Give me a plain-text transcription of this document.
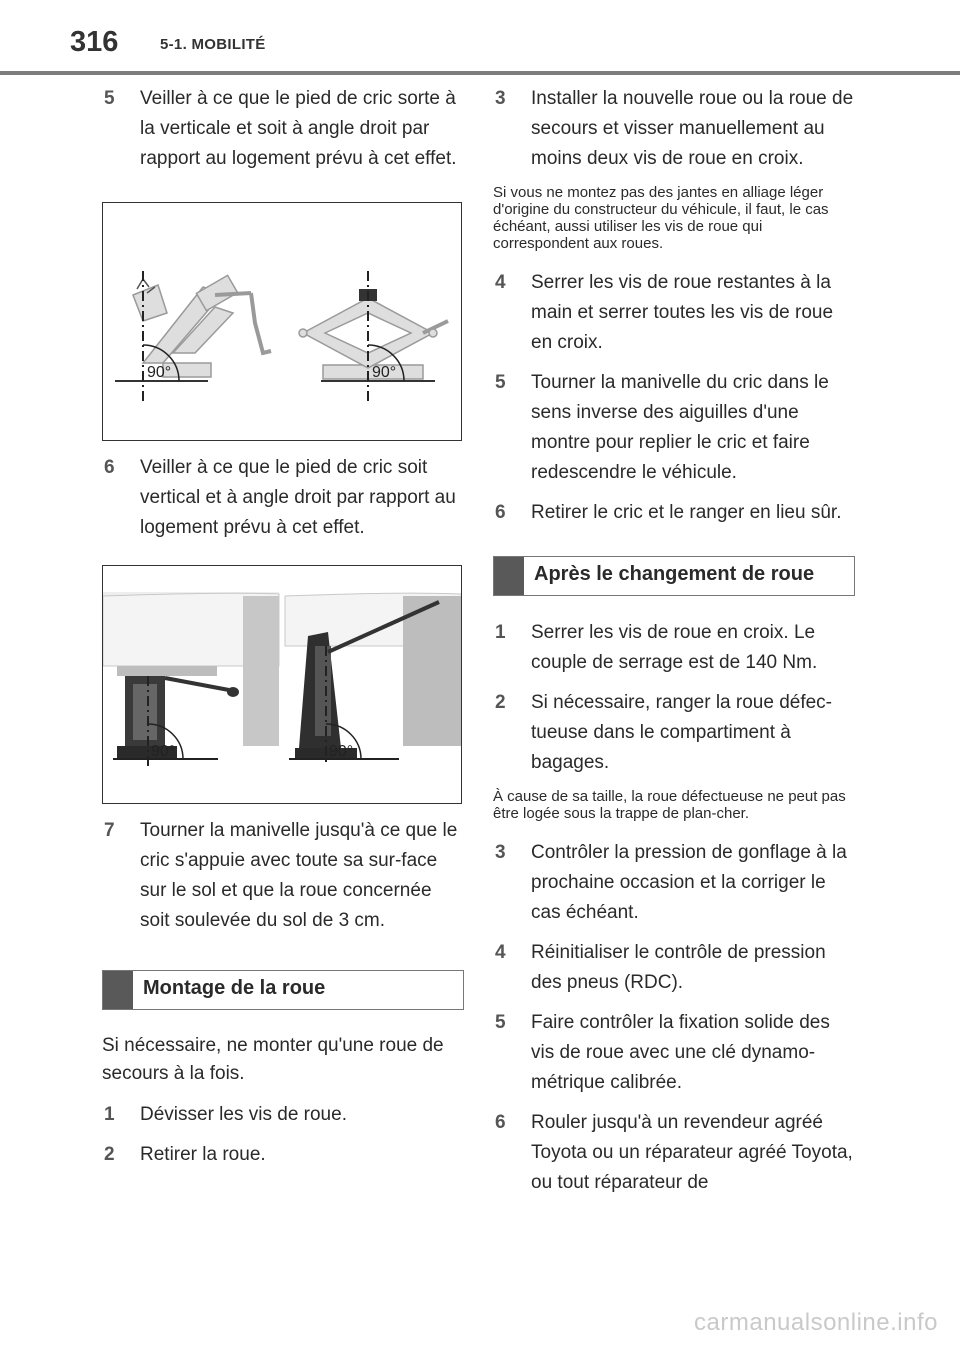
316	5-1. MOBILITÉ
5 Veiller à ce que le pied de cric sorte à la verticale et soit à angle droit par rapport au logement prévu à cet effet.
90°	90°
6 Veiller à ce que le pied de cric soit vertical et à angle droit par rapport au logement prévu à cet effet.
90°	90°
7 Tourner la manivelle jusqu'à ce que le cric s'appuie avec toute sa sur-face sur le sol et que la roue concernée soit soulevée du sol de 3 cm.
Montage de la roue

Si nécessaire, ne monter qu'une roue de secours à la fois.

1 Dévisser les vis de roue.
2 Retirer la roue.
3 Installer la nouvelle roue ou la roue de secours et visser manuellement au moins deux vis de roue en croix.

Si vous ne montez pas des jantes en alliage léger d'origine du constructeur du véhicule, il faut, le cas échéant, aussi utiliser les vis de roue qui correspondent aux roues.

4 Serrer les vis de roue restantes à la main et serrer toutes les vis de roue en croix.
5 Tourner la manivelle du cric dans le sens inverse des aiguilles d'une montre pour replier le cric et faire redescendre le véhicule.
6 Retirer le cric et le ranger en lieu sûr.
Après le changement de roue
1 Serrer les vis de roue en croix. Le couple de serrage est de 140 Nm.
2 Si nécessaire, ranger la roue défec-tueuse dans le compartiment à bagages.

À cause de sa taille, la roue défectueuse ne peut pas être logée sous la trappe de plan-cher.

3 Contrôler la pression de gonflage à la prochaine occasion et la corriger le cas échéant.
4 Réinitialiser le contrôle de pression des pneus (RDC).
5 Faire contrôler la fixation solide des vis de roue avec une clé dynamo-métrique calibrée.
6 Rouler jusqu'à un revendeur agréé Toyota ou un réparateur agréé Toyota, ou tout réparateur de
carmanualsonline.info
